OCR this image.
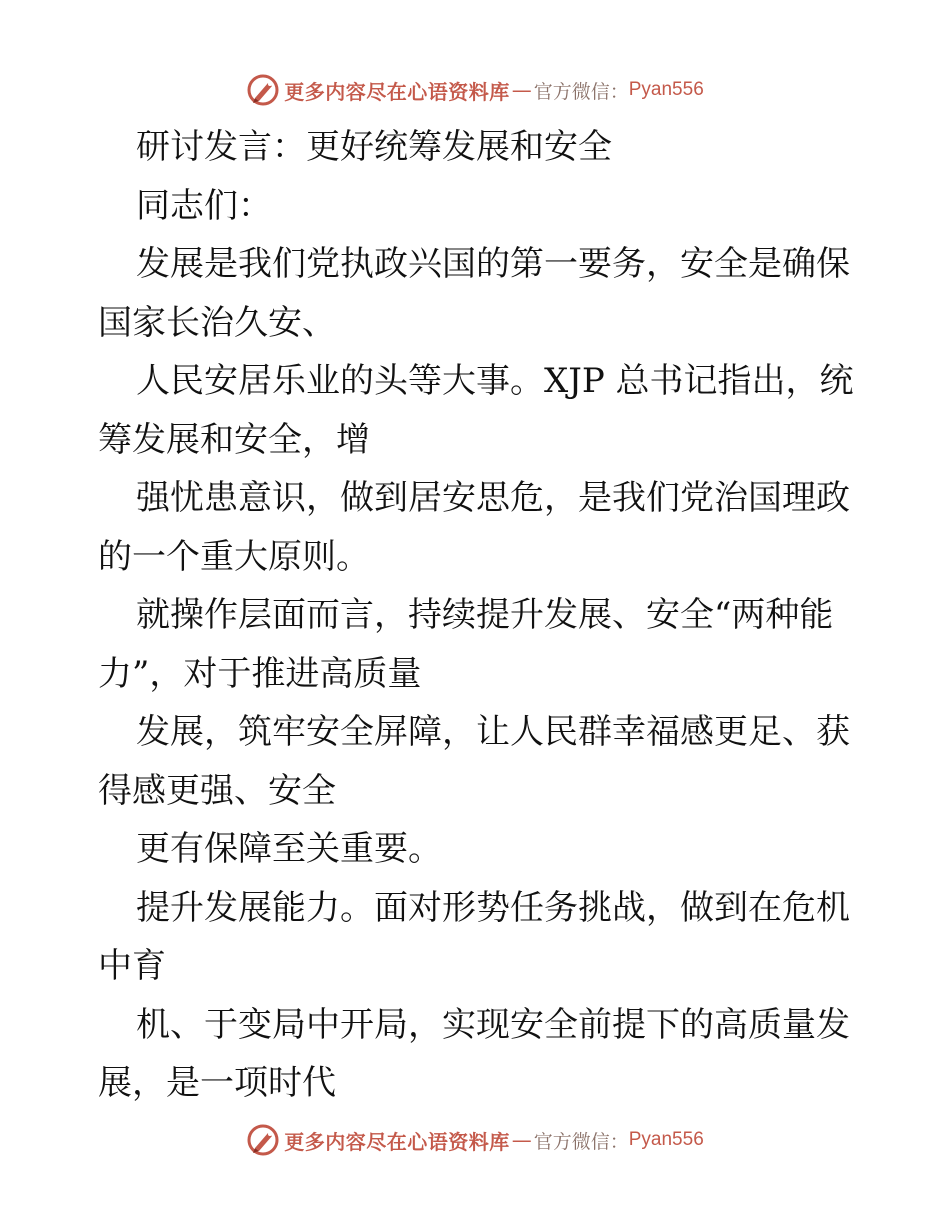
更多内容尽在心语资料库 — 官方微信： Pyan556
研讨发言：更好统筹发展和安全
同志们：
发展是我们党执政兴国的第一要务，安全是确保
国家长治久安、
人民安居乐业的头等大事。XJP 总书记指出，统
筹发展和安全，增
强忧患意识，做到居安思危，是我们党治国理政
的一个重大原则。
就操作层面而言，持续提升发展、安全“两种能
力”，对于推进高质量
发展，筑牢安全屏障，让人民群幸福感更足、获
得感更强、安全
更有保障至关重要。
提升发展能力。面对形势任务挑战，做到在危机
中育
机、于变局中开局，实现安全前提下的高质量发
展，是一项时代
更多内容尽在心语资料库 — 官方微信： Pyan556
